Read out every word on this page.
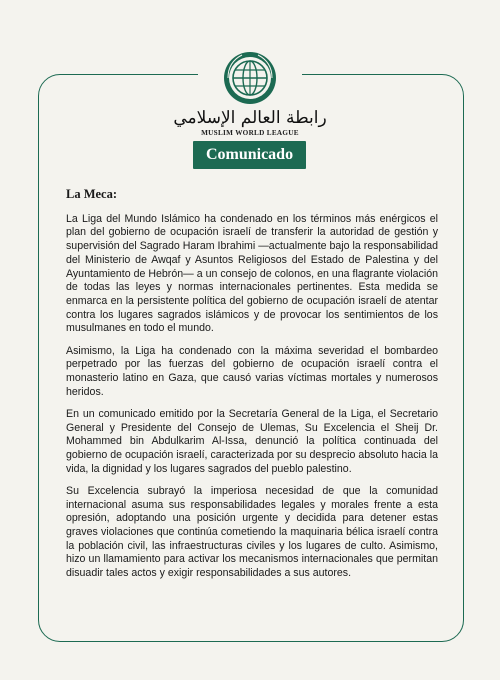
رابطة العالم الإسلامي
MUSLIM WORLD LEAGUE
Comunicado
La Meca:

La Liga del Mundo Islámico ha condenado en los términos más enérgicos el plan del gobierno de ocupación israelí de transferir la autoridad de gestión y supervisión del Sagrado Haram Ibrahimi —actualmente bajo la responsabilidad del Ministerio de Awqaf y Asuntos Religiosos del Estado de Palestina y del Ayuntamiento de Hebrón— a un consejo de colonos, en una flagrante violación de todas las leyes y normas internacionales pertinentes. Esta medida se enmarca en la persistente política del gobierno de ocupación israelí de atentar contra los lugares sagrados islámicos y de provocar los sentimientos de los musulmanes en todo el mundo.

Asimismo, la Liga ha condenado con la máxima severidad el bombardeo perpetrado por las fuerzas del gobierno de ocupación israelí contra el monasterio latino en Gaza, que causó varias víctimas mortales y numerosos heridos.

En un comunicado emitido por la Secretaría General de la Liga, el Secretario General y Presidente del Consejo de Ulemas, Su Excelencia el Sheij Dr. Mohammed bin Abdulkarim Al-Issa, denunció la política continuada del gobierno de ocupación israelí, caracterizada por su desprecio absoluto hacia la vida, la dignidad y los lugares sagrados del pueblo palestino.

Su Excelencia subrayó la imperiosa necesidad de que la comunidad internacional asuma sus responsabilidades legales y morales frente a esta opresión, adoptando una posición urgente y decidida para detener estas graves violaciones que continúa cometiendo la maquinaria bélica israelí contra la población civil, las infraestructuras civiles y los lugares de culto. Asimismo, hizo un llamamiento para activar los mecanismos internacionales que permitan disuadir tales actos y exigir responsabilidades a sus autores.
